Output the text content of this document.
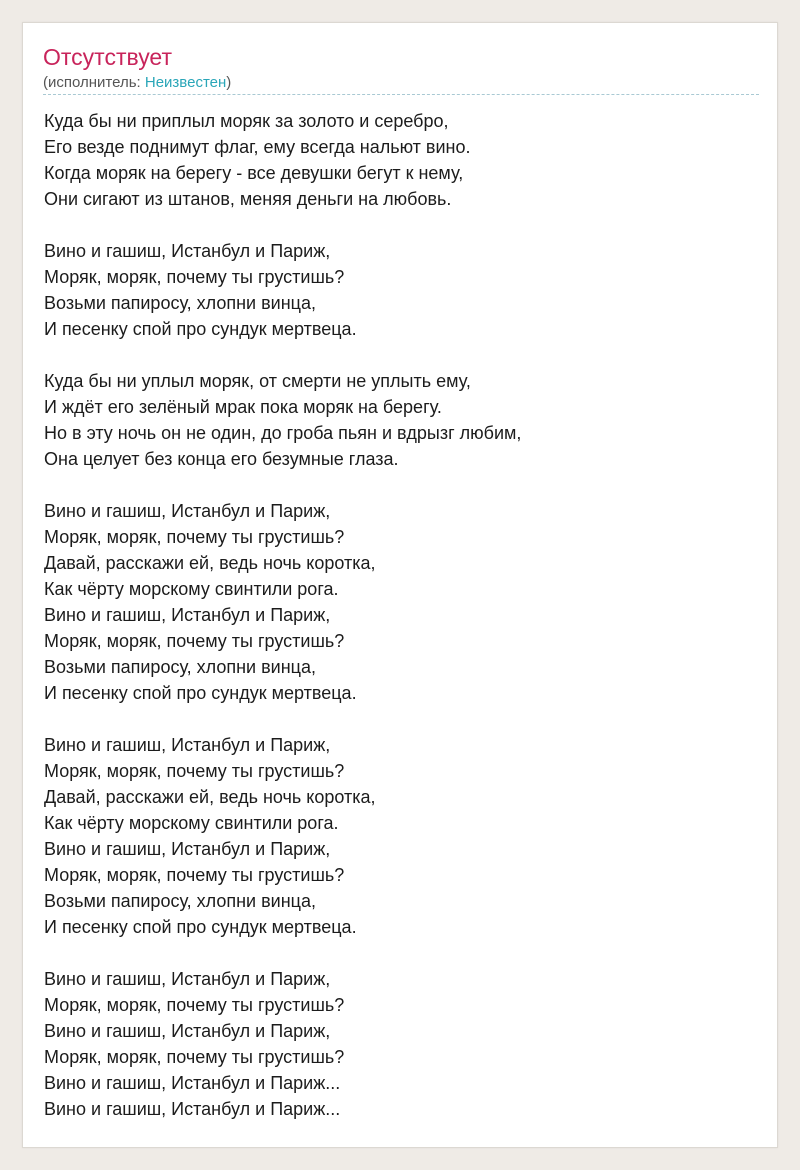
Отсутствует
(исполнитель: Неизвестен)
Куда бы ни приплыл моряк за золото и серебро,
Его везде поднимут флаг, ему всегда нальют вино.
Когда моряк на берегу - все девушки бегут к нему,
Они сигают из штанов, меняя деньги на любовь.
Вино и гашиш, Истанбул и Париж,
Моряк, моряк, почему ты грустишь?
Возьми папиросу, хлопни винца,
И песенку спой про сундук мертвеца.
Куда бы ни уплыл моряк, от смерти не уплыть ему,
И ждёт его зелёный мрак пока моряк на берегу.
Но в эту ночь он не один, до гроба пьян и вдрызг любим,
Она целует без конца его безумные глаза.
Вино и гашиш, Истанбул и Париж,
Моряк, моряк, почему ты грустишь?
Давай, расскажи ей, ведь ночь коротка,
Как чёрту морскому свинтили рога.
Вино и гашиш, Истанбул и Париж,
Моряк, моряк, почему ты грустишь?
Возьми папиросу, хлопни винца,
И песенку спой про сундук мертвеца.
Вино и гашиш, Истанбул и Париж,
Моряк, моряк, почему ты грустишь?
Давай, расскажи ей, ведь ночь коротка,
Как чёрту морскому свинтили рога.
Вино и гашиш, Истанбул и Париж,
Моряк, моряк, почему ты грустишь?
Возьми папиросу, хлопни винца,
И песенку спой про сундук мертвеца.
Вино и гашиш, Истанбул и Париж,
Моряк, моряк, почему ты грустишь?
Вино и гашиш, Истанбул и Париж,
Моряк, моряк, почему ты грустишь?
Вино и гашиш, Истанбул и Париж...
Вино и гашиш, Истанбул и Париж...
